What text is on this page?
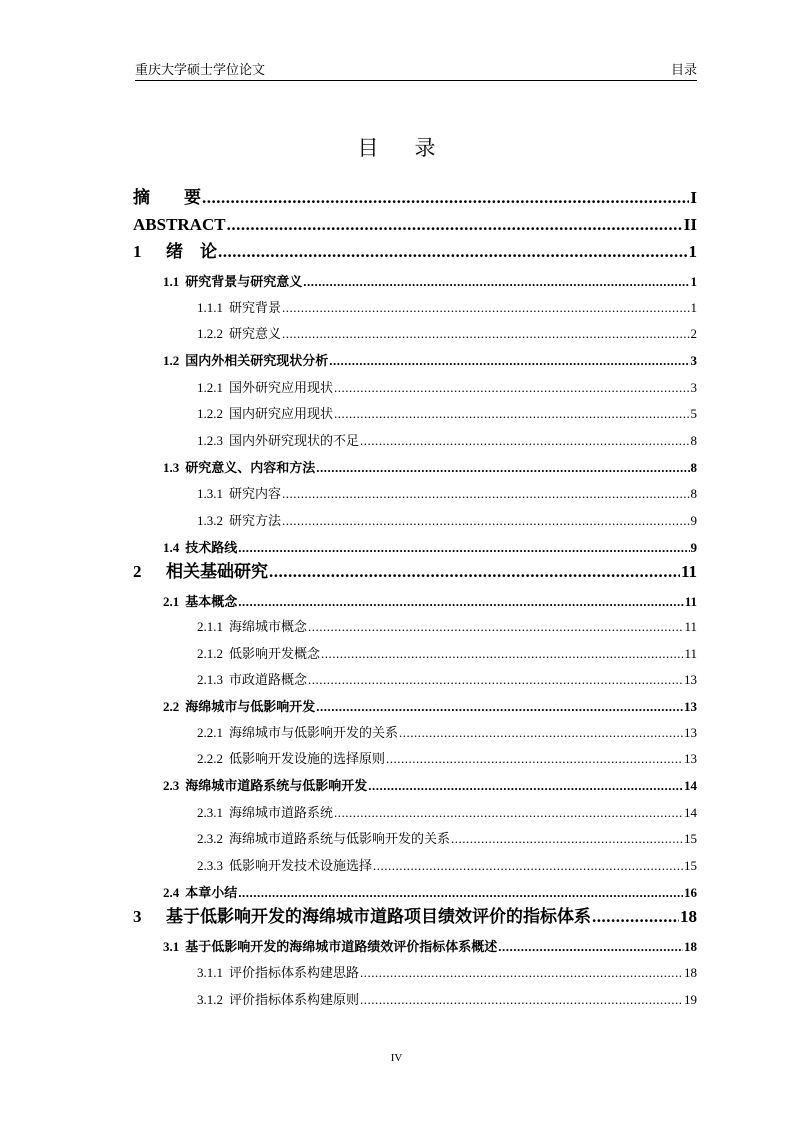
重庆大学硕士学位论文	目录
目 录
摘　　要 .....	I
ABSTRACT .....	II
1 绪　论 .....	1
1.1 研究背景与研究意义 .....	1
1.1.1 研究背景 .....	1
1.2.2 研究意义 .....	2
1.2 国内外相关研究现状分析 .....	3
1.2.1 国外研究应用现状 .....	3
1.2.2 国内研究应用现状 .....	5
1.2.3 国内外研究现状的不足 .....	8
1.3 研究意义、内容和方法 .....	8
1.3.1 研究内容 .....	8
1.3.2 研究方法 .....	9
1.4 技术路线 .....	9
2 相关基础研究 .....	11
2.1 基本概念 .....	11
2.1.1 海绵城市概念 .....	11
2.1.2 低影响开发概念 .....	11
2.1.3 市政道路概念 .....	13
2.2 海绵城市与低影响开发 .....	13
2.2.1 海绵城市与低影响开发的关系 .....	13
2.2.2 低影响开发设施的选择原则 .....	13
2.3 海绵城市道路系统与低影响开发 .....	14
2.3.1 海绵城市道路系统 .....	14
2.3.2 海绵城市道路系统与低影响开发的关系 .....	15
2.3.3 低影响开发技术设施选择 .....	15
2.4 本章小结 .....	16
3 基于低影响开发的海绵城市道路项目绩效评价的指标体系 .....	18
3.1 基于低影响开发的海绵城市道路绩效评价指标体系概述 .....	18
3.1.1 评价指标体系构建思路 .....	18
3.1.2 评价指标体系构建原则 .....	19
IV
